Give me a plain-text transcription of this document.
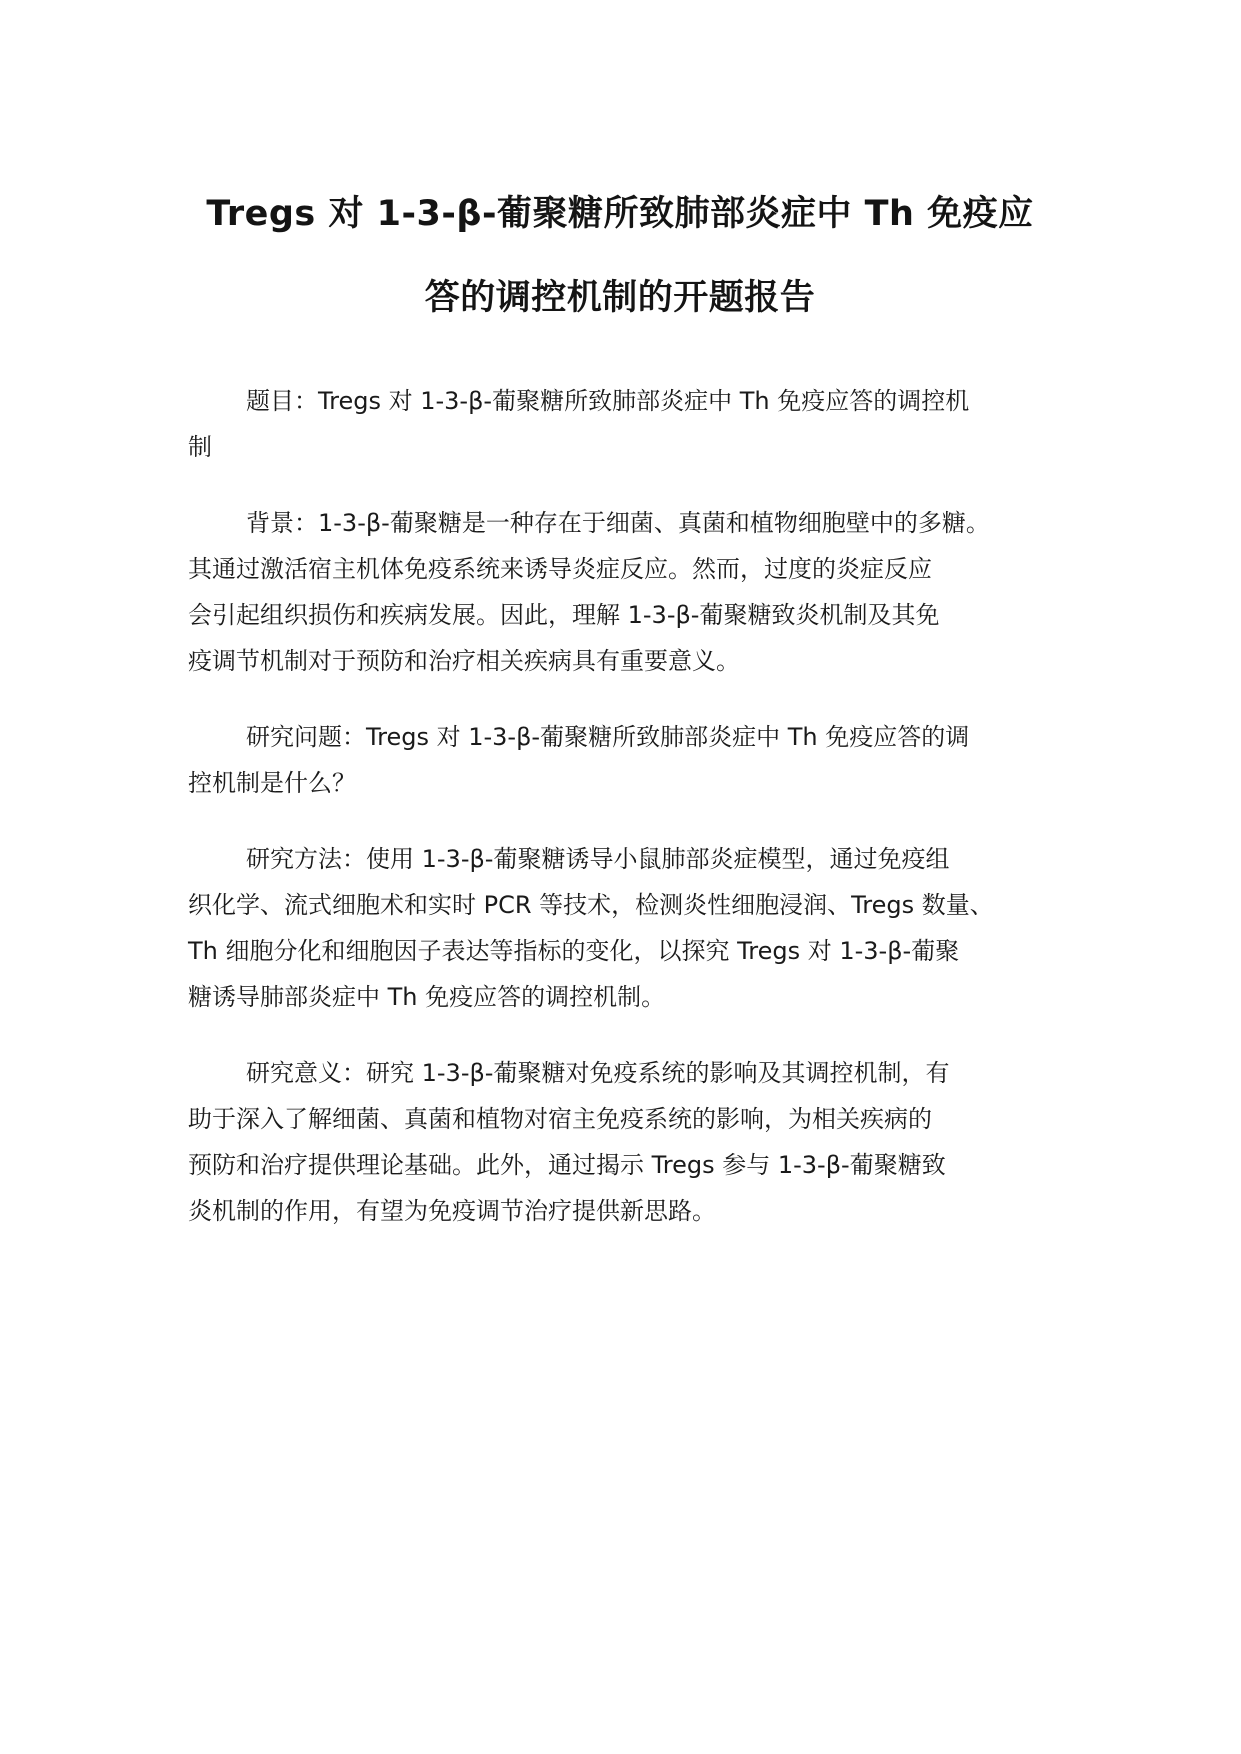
Tregs 对 1-3-β-葡聚糖所致肺部炎症中 Th 免疫应
答的调控机制的开题报告

题目：Tregs 对 1-3-β-葡聚糖所致肺部炎症中 Th 免疫应答的调控机
制

背景：1-3-β-葡聚糖是一种存在于细菌、真菌和植物细胞壁中的多糖。
其通过激活宿主机体免疫系统来诱导炎症反应。然而，过度的炎症反应
会引起组织损伤和疾病发展。因此，理解 1-3-β-葡聚糖致炎机制及其免
疫调节机制对于预防和治疗相关疾病具有重要意义。

研究问题：Tregs 对 1-3-β-葡聚糖所致肺部炎症中 Th 免疫应答的调
控机制是什么？

研究方法：使用 1-3-β-葡聚糖诱导小鼠肺部炎症模型，通过免疫组
织化学、流式细胞术和实时 PCR 等技术，检测炎性细胞浸润、Tregs 数量、
Th 细胞分化和细胞因子表达等指标的变化，以探究 Tregs 对 1-3-β-葡聚
糖诱导肺部炎症中 Th 免疫应答的调控机制。

研究意义：研究 1-3-β-葡聚糖对免疫系统的影响及其调控机制，有
助于深入了解细菌、真菌和植物对宿主免疫系统的影响，为相关疾病的
预防和治疗提供理论基础。此外，通过揭示 Tregs 参与 1-3-β-葡聚糖致
炎机制的作用，有望为免疫调节治疗提供新思路。
